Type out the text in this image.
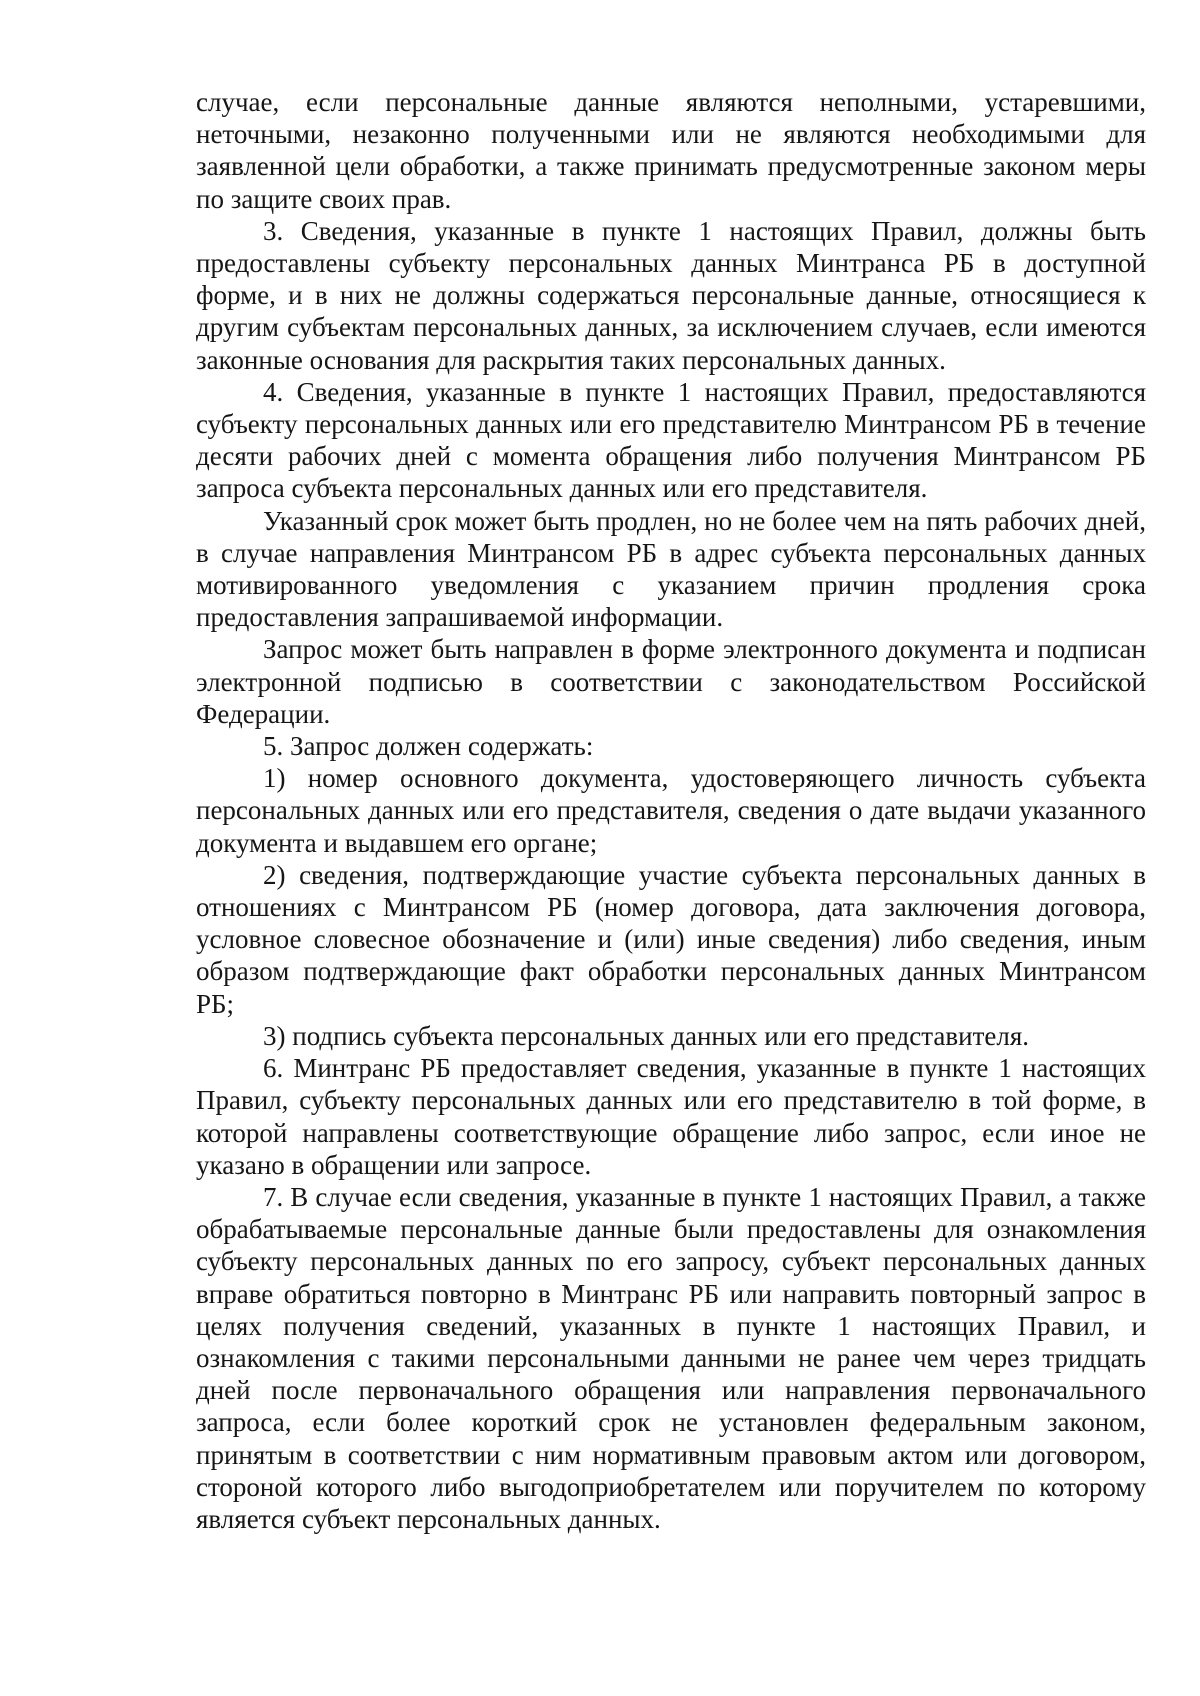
случае, если персональные данные являются неполными, устаревшими, неточными, незаконно полученными или не являются необходимыми для заявленной цели обработки, а также принимать предусмотренные законом меры по защите своих прав.

3. Сведения, указанные в пункте 1 настоящих Правил, должны быть предоставлены субъекту персональных данных Минтранса РБ в доступной форме, и в них не должны содержаться персональные данные, относящиеся к другим субъектам персональных данных, за исключением случаев, если имеются законные основания для раскрытия таких персональных данных.

4. Сведения, указанные в пункте 1 настоящих Правил, предоставляются субъекту персональных данных или его представителю Минтрансом РБ в течение десяти рабочих дней с момента обращения либо получения Минтрансом РБ запроса субъекта персональных данных или его представителя.

Указанный срок может быть продлен, но не более чем на пять рабочих дней, в случае направления Минтрансом РБ в адрес субъекта персональных данных мотивированного уведомления с указанием причин продления срока предоставления запрашиваемой информации.

Запрос может быть направлен в форме электронного документа и подписан электронной подписью в соответствии с законодательством Российской Федерации.

5. Запрос должен содержать:

1) номер основного документа, удостоверяющего личность субъекта персональных данных или его представителя, сведения о дате выдачи указанного документа и выдавшем его органе;

2) сведения, подтверждающие участие субъекта персональных данных в отношениях с Минтрансом РБ (номер договора, дата заключения договора, условное словесное обозначение и (или) иные сведения) либо сведения, иным образом подтверждающие факт обработки персональных данных Минтрансом РБ;

3) подпись субъекта персональных данных или его представителя.

6. Минтранс РБ предоставляет сведения, указанные в пункте 1 настоящих Правил, субъекту персональных данных или его представителю в той форме, в которой направлены соответствующие обращение либо запрос, если иное не указано в обращении или запросе.

7. В случае если сведения, указанные в пункте 1 настоящих Правил, а также обрабатываемые персональные данные были предоставлены для ознакомления субъекту персональных данных по его запросу, субъект персональных данных вправе обратиться повторно в Минтранс РБ или направить повторный запрос в целях получения сведений, указанных в пункте 1 настоящих Правил, и ознакомления с такими персональными данными не ранее чем через тридцать дней после первоначального обращения или направления первоначального запроса, если более короткий срок не установлен федеральным законом, принятым в соответствии с ним нормативным правовым актом или договором, стороной которого либо выгодоприобретателем или поручителем по которому является субъект персональных данных.
